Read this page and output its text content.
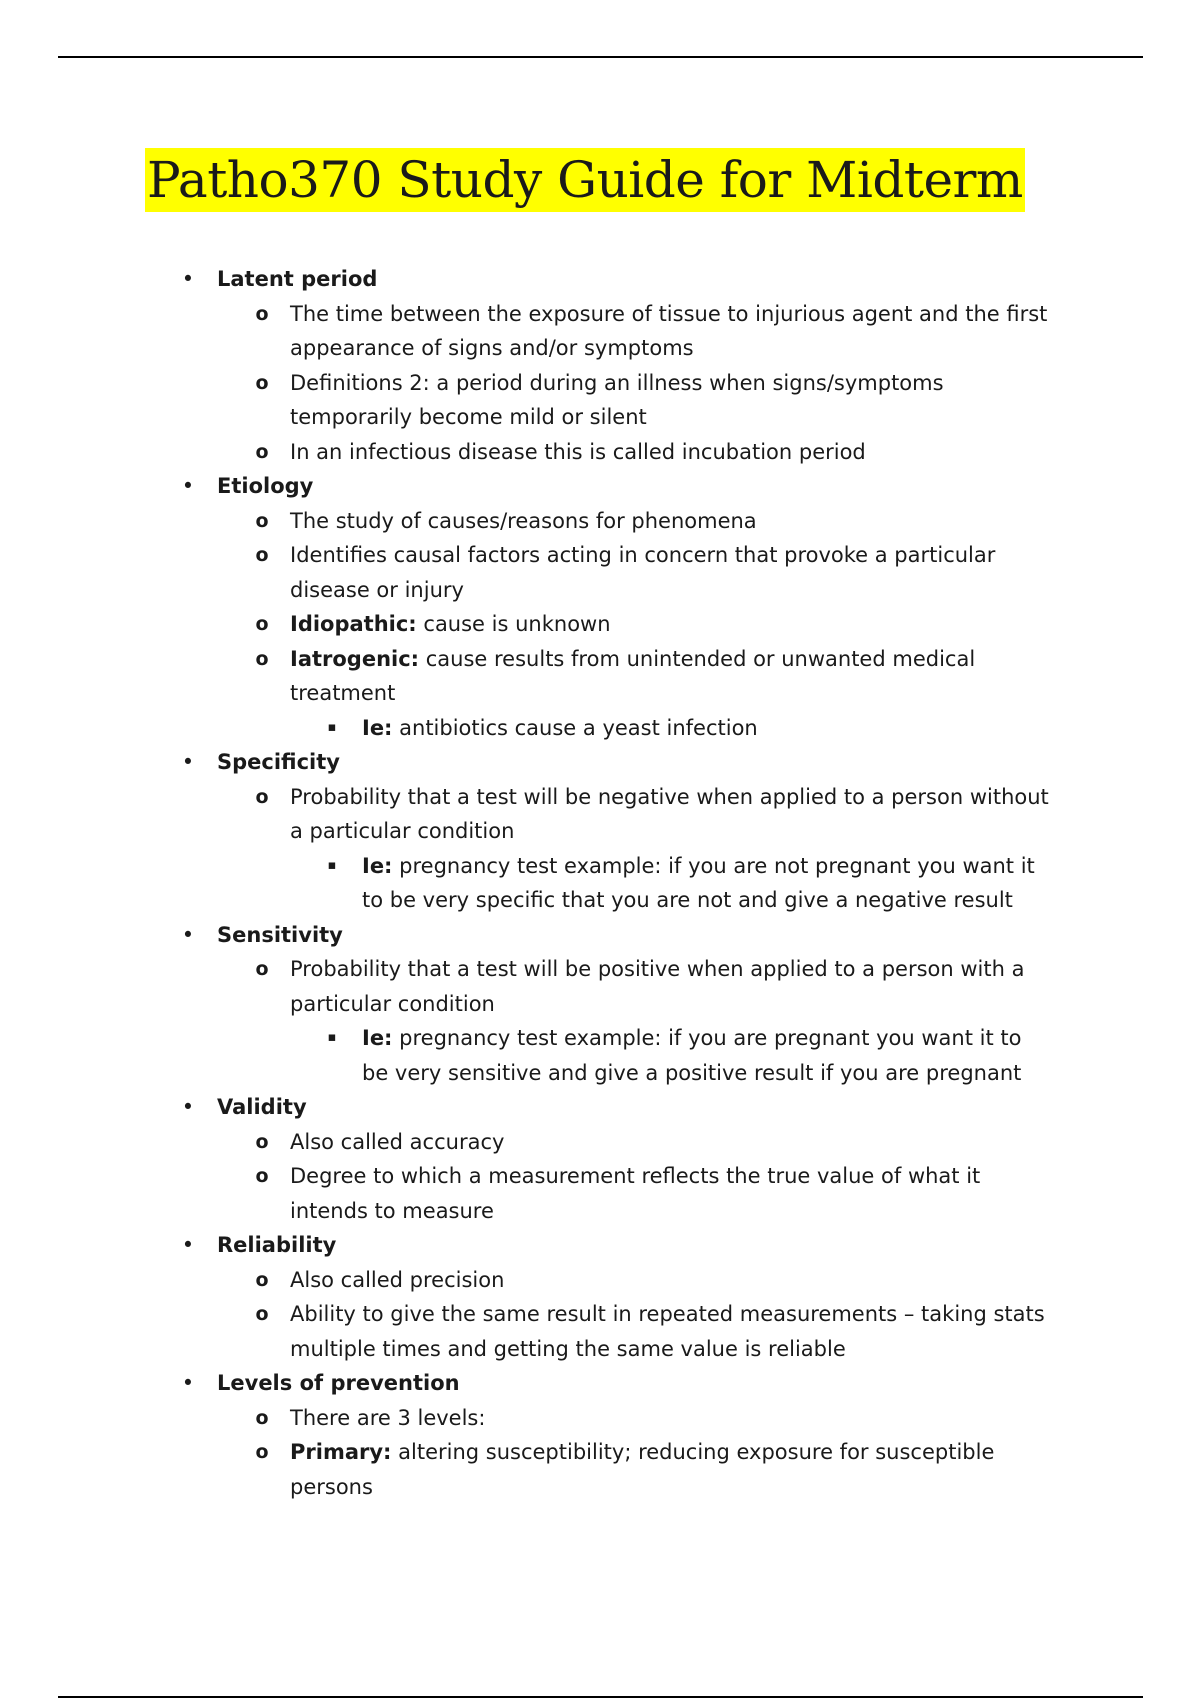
Patho370 Study Guide for Midterm
• Latent period
o The time between the exposure of tissue to injurious agent and the first appearance of signs and/or symptoms
o Definitions 2: a period during an illness when signs/symptoms temporarily become mild or silent
o In an infectious disease this is called incubation period
• Etiology
o The study of causes/reasons for phenomena
o Identifies causal factors acting in concern that provoke a particular disease or injury
o Idiopathic: cause is unknown
o Iatrogenic: cause results from unintended or unwanted medical treatment
▪ Ie: antibiotics cause a yeast infection
• Specificity
o Probability that a test will be negative when applied to a person without a particular condition
▪ Ie: pregnancy test example: if you are not pregnant you want it to be very specific that you are not and give a negative result
• Sensitivity
o Probability that a test will be positive when applied to a person with a particular condition
▪ Ie: pregnancy test example: if you are pregnant you want it to be very sensitive and give a positive result if you are pregnant
• Validity
o Also called accuracy
o Degree to which a measurement reflects the true value of what it intends to measure
• Reliability
o Also called precision
o Ability to give the same result in repeated measurements – taking stats multiple times and getting the same value is reliable
• Levels of prevention
o There are 3 levels:
o Primary: altering susceptibility; reducing exposure for susceptible persons
